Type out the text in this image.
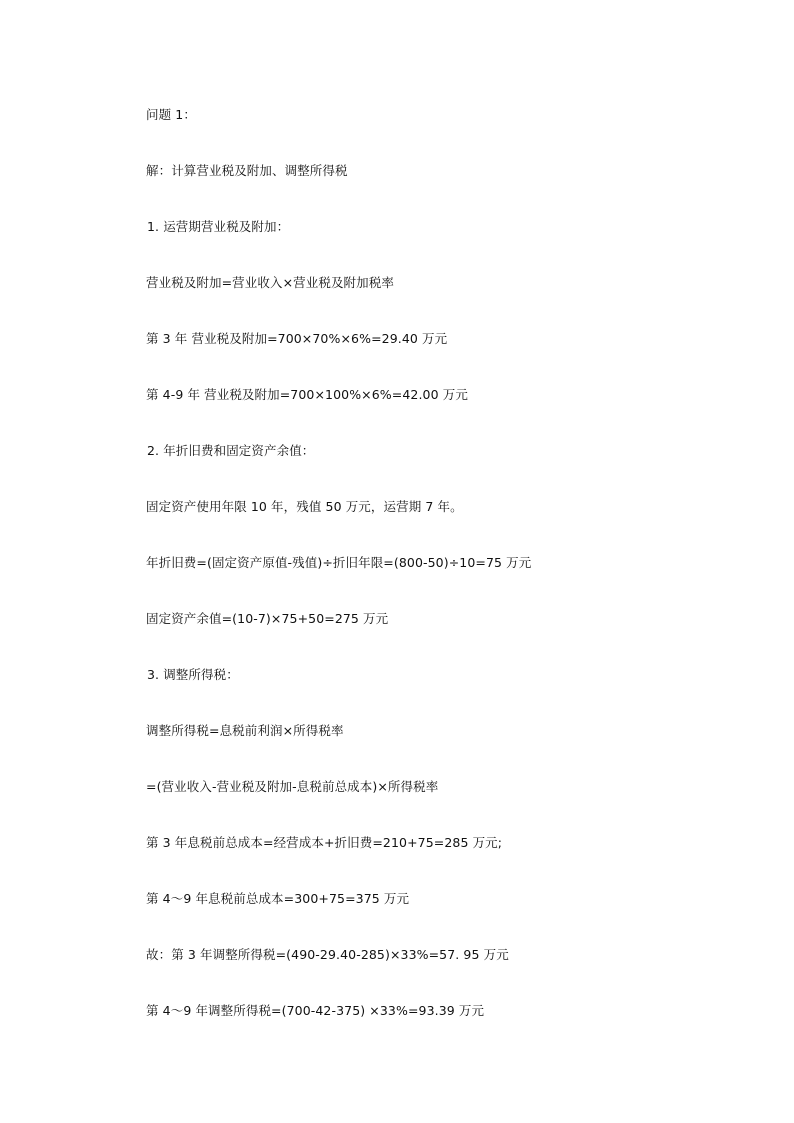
问题 1：
解：计算营业税及附加、调整所得税
1. 运营期营业税及附加：
营业税及附加=营业收入×营业税及附加税率
第 3 年 营业税及附加=700×70%×6%=29.40 万元
第 4-9 年 营业税及附加=700×100%×6%=42.00 万元
2. 年折旧费和固定资产余值：
固定资产使用年限 10 年，残值 50 万元，运营期 7 年。
年折旧费=(固定资产原值-残值)÷折旧年限=(800-50)÷10=75 万元
固定资产余值=(10-7)×75+50=275 万元
3. 调整所得税：
调整所得税=息税前利润×所得税率
=(营业收入-营业税及附加-息税前总成本)×所得税率
第 3 年息税前总成本=经营成本+折旧费=210+75=285 万元;
第 4～9 年息税前总成本=300+75=375 万元
故：第 3 年调整所得税=(490-29.40-285)×33%=57. 95 万元
第 4～9 年调整所得税=(700-42-375) ×33%=93.39 万元
